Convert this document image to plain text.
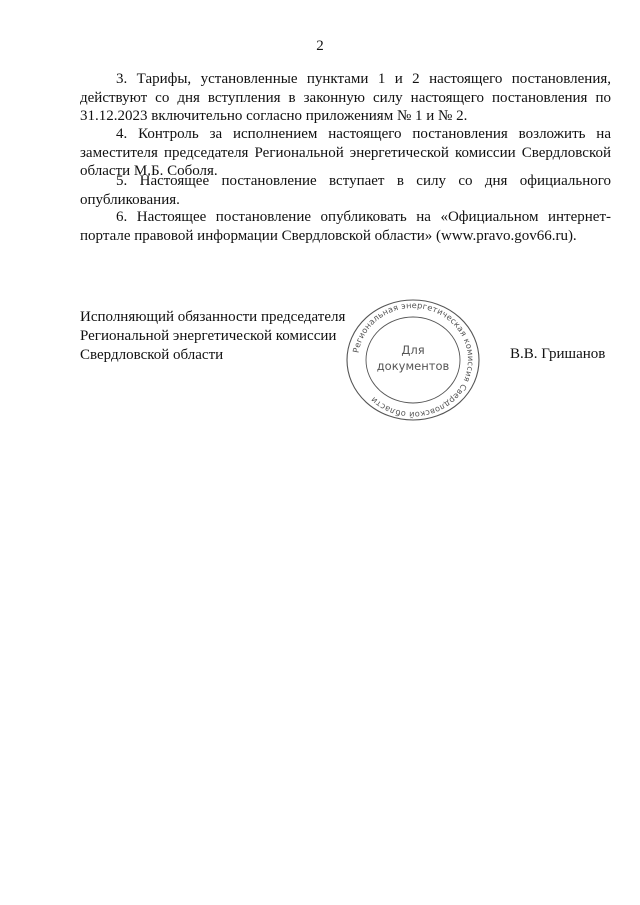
2
3. Тарифы, установленные пунктами 1 и 2 настоящего постановления, действуют со дня вступления в законную силу настоящего постановления по 31.12.2023 включительно согласно приложениям № 1 и № 2.
4. Контроль за исполнением настоящего постановления возложить на заместителя председателя Региональной энергетической комиссии Свердловской области М.Б. Соболя.
5. Настоящее постановление вступает в силу со дня официального опубликования.
6. Настоящее постановление опубликовать на «Официальном интернет-портале правовой информации Свердловской области» (www.pravo.gov66.ru).
Исполняющий обязанности председателя
Региональной энергетической комиссии
Свердловской области	В.В. Гришанов
Региональная энергетическая комиссия Свердловской области
Для
документов
